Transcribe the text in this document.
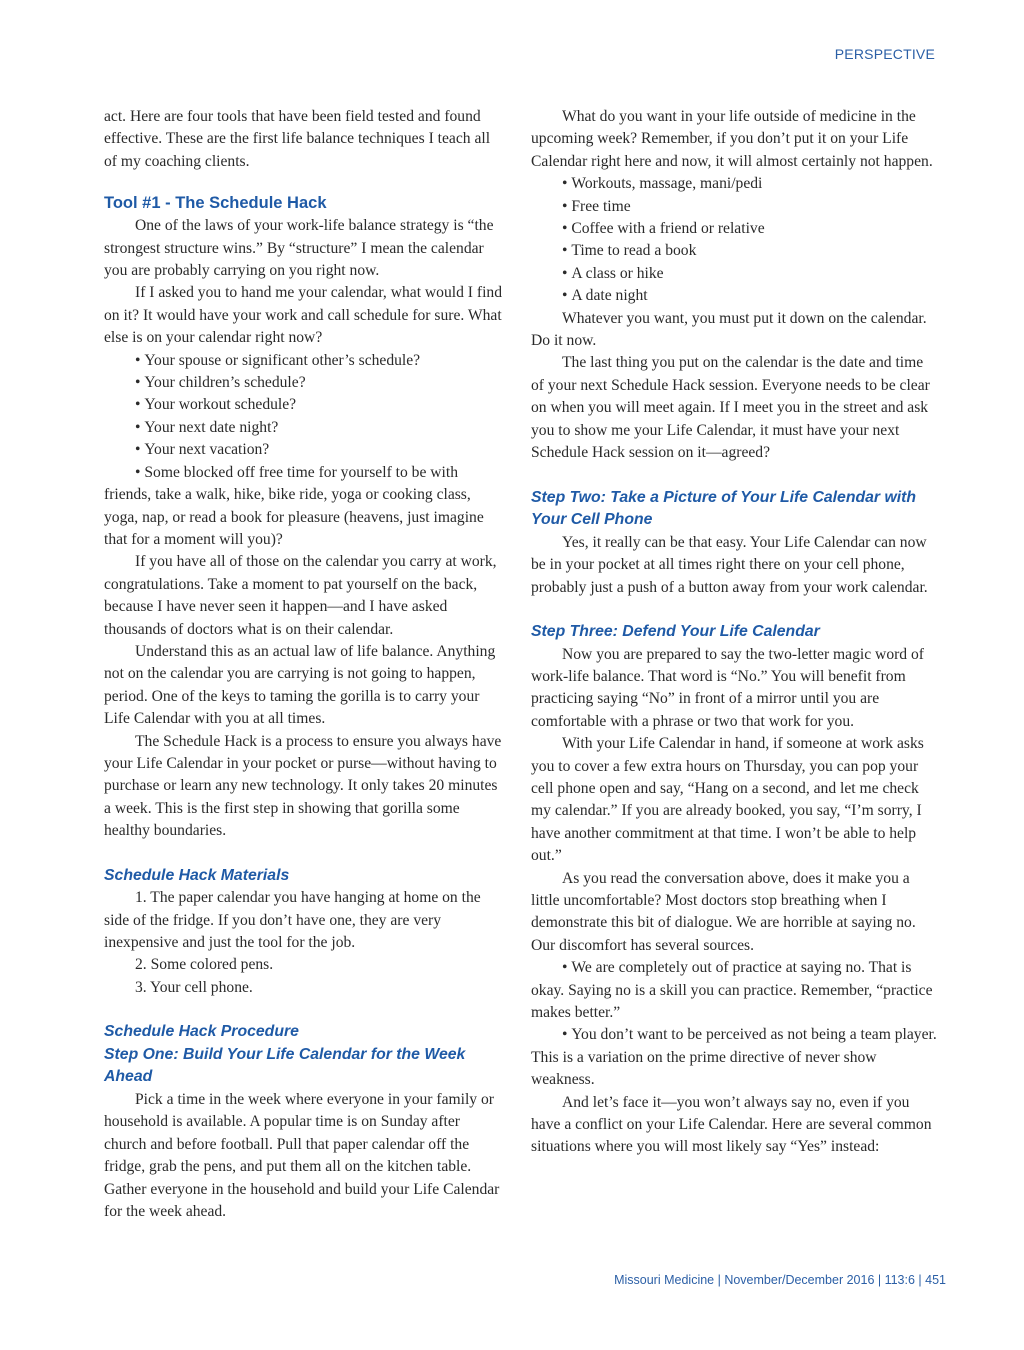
PERSPECTIVE

act. Here are four tools that have been field tested and found effective. These are the first life balance techniques I teach all of my coaching clients.

Tool #1 - The Schedule Hack

One of the laws of your work-life balance strategy is “the strongest structure wins.” By “structure” I mean the calendar you are probably carrying on you right now.

If I asked you to hand me your calendar, what would I find on it? It would have your work and call schedule for sure. What else is on your calendar right now?

• Your spouse or significant other’s schedule?

• Your children’s schedule?

• Your workout schedule?

• Your next date night?

• Your next vacation?

• Some blocked off free time for yourself to be with friends, take a walk, hike, bike ride, yoga or cooking class, yoga, nap, or read a book for pleasure (heavens, just imagine that for a moment will you)?

If you have all of those on the calendar you carry at work, congratulations. Take a moment to pat yourself on the back, because I have never seen it happen—and I have asked thousands of doctors what is on their calendar.

Understand this as an actual law of life balance. Anything not on the calendar you are carrying is not going to happen, period. One of the keys to taming the gorilla is to carry your Life Calendar with you at all times.

The Schedule Hack is a process to ensure you always have your Life Calendar in your pocket or purse—without having to purchase or learn any new technology. It only takes 20 minutes a week. This is the first step in showing that gorilla some healthy boundaries.

Schedule Hack Materials

1. The paper calendar you have hanging at home on the side of the fridge. If you don’t have one, they are very inexpensive and just the tool for the job.

2. Some colored pens.

3. Your cell phone.

Schedule Hack Procedure
Step One: Build Your Life Calendar for the Week Ahead

Pick a time in the week where everyone in your family or household is available. A popular time is on Sunday after church and before football. Pull that paper calendar off the fridge, grab the pens, and put them all on the kitchen table. Gather everyone in the household and build your Life Calendar for the week ahead.

What do you want in your life outside of medicine in the upcoming week? Remember, if you don’t put it on your Life Calendar right here and now, it will almost certainly not happen.

• Workouts, massage, mani/pedi

• Free time

• Coffee with a friend or relative

• Time to read a book

• A class or hike

• A date night

Whatever you want, you must put it down on the calendar. Do it now.

The last thing you put on the calendar is the date and time of your next Schedule Hack session. Everyone needs to be clear on when you will meet again. If I meet you in the street and ask you to show me your Life Calendar, it must have your next Schedule Hack session on it—agreed?

Step Two: Take a Picture of Your Life Calendar with Your Cell Phone

Yes, it really can be that easy. Your Life Calendar can now be in your pocket at all times right there on your cell phone, probably just a push of a button away from your work calendar.

Step Three: Defend Your Life Calendar

Now you are prepared to say the two-letter magic word of work-life balance. That word is “No.” You will benefit from practicing saying “No” in front of a mirror until you are comfortable with a phrase or two that work for you.

With your Life Calendar in hand, if someone at work asks you to cover a few extra hours on Thursday, you can pop your cell phone open and say, “Hang on a second, and let me check my calendar.” If you are already booked, you say, “I’m sorry, I have another commitment at that time. I won’t be able to help out.”

As you read the conversation above, does it make you a little uncomfortable? Most doctors stop breathing when I demonstrate this bit of dialogue. We are horrible at saying no. Our discomfort has several sources.

• We are completely out of practice at saying no. That is okay. Saying no is a skill you can practice. Remember, “practice makes better.”

• You don’t want to be perceived as not being a team player. This is a variation on the prime directive of never show weakness.

And let’s face it—you won’t always say no, even if you have a conflict on your Life Calendar. Here are several common situations where you will most likely say “Yes” instead:

Missouri Medicine | November/December 2016 | 113:6 | 451
